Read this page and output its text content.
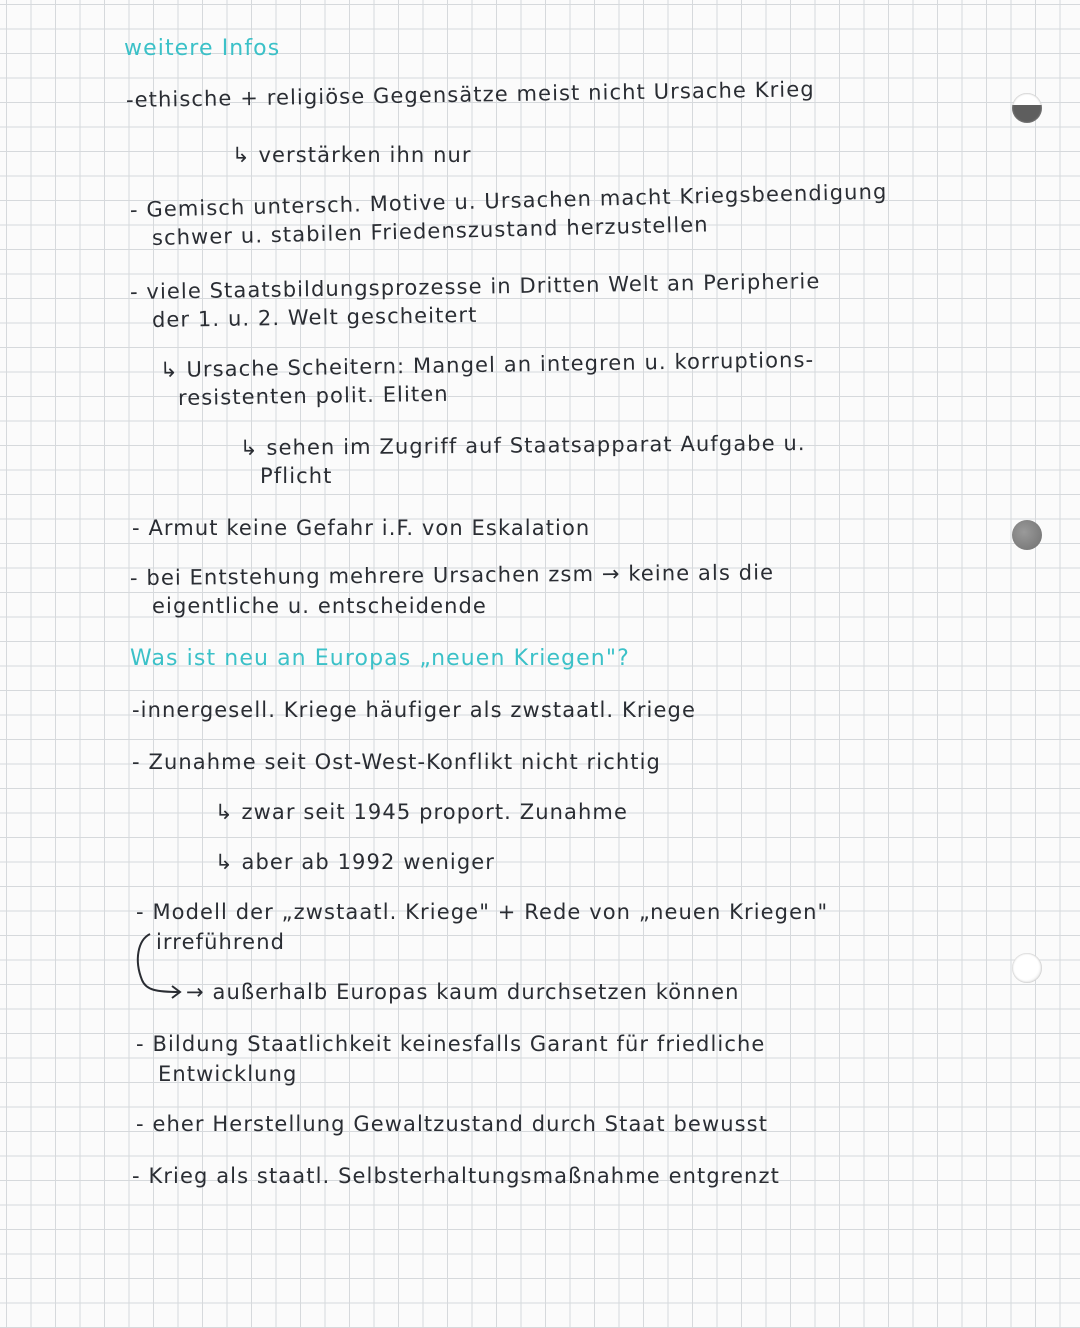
weitere Infos
-ethische + religiöse Gegensätze meist nicht Ursache Krieg
↳ verstärken ihn nur
- Gemisch untersch. Motive u. Ursachen macht Kriegsbeendigung
schwer u. stabilen Friedenszustand herzustellen
- viele Staatsbildungsprozesse in Dritten Welt an Peripherie
der 1. u. 2. Welt gescheitert
↳ Ursache Scheitern: Mangel an integren u. korruptions-
resistenten polit. Eliten
↳ sehen im Zugriff auf Staatsapparat Aufgabe u.
Pflicht
- Armut keine Gefahr i.F. von Eskalation
- bei Entstehung mehrere Ursachen zsm → keine als die
eigentliche u. entscheidende
Was ist neu an Europas „neuen Kriegen"?
-innergesell. Kriege häufiger als zwstaatl. Kriege
- Zunahme seit Ost-West-Konflikt nicht richtig
↳ zwar seit 1945 proport. Zunahme
↳ aber ab 1992 weniger
- Modell der „zwstaatl. Kriege" + Rede von „neuen Kriegen"
irreführend
→ außerhalb Europas kaum durchsetzen können
- Bildung Staatlichkeit keinesfalls Garant für friedliche
Entwicklung
- eher Herstellung Gewaltzustand durch Staat bewusst
- Krieg als staatl. Selbsterhaltungsmaßnahme entgrenzt
